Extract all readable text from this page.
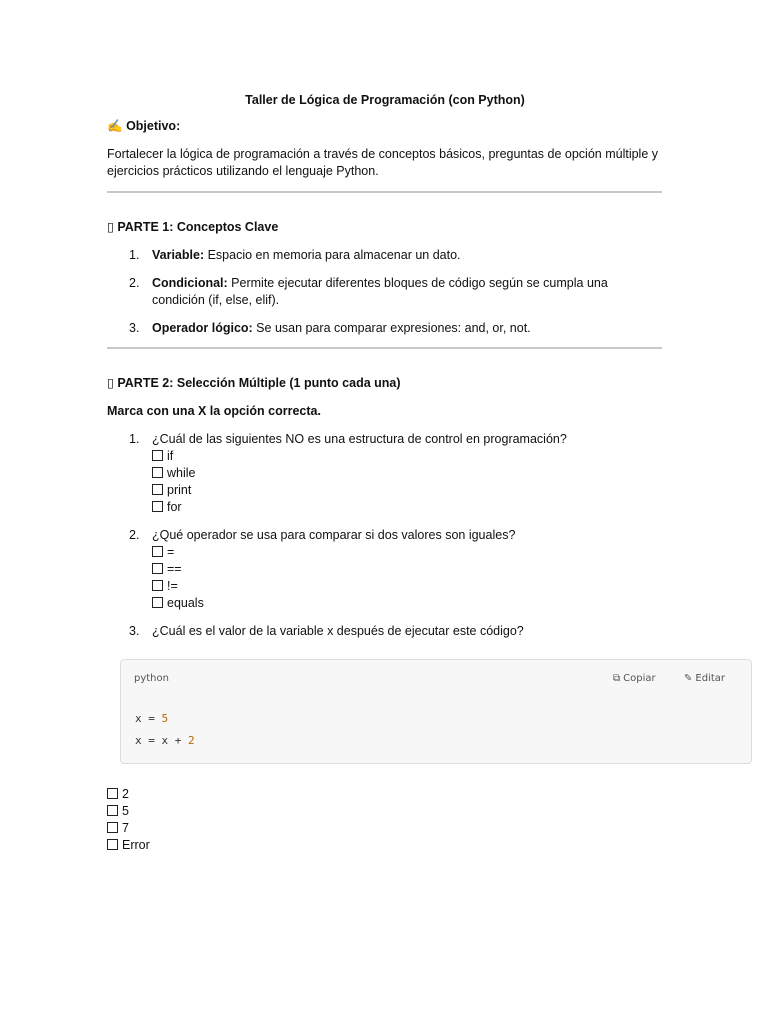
Taller de Lógica de Programación (con Python)
✍ Objetivo:
Fortalecer la lógica de programación a través de conceptos básicos, preguntas de opción múltiple y ejercicios prácticos utilizando el lenguaje Python.
▯ PARTE 1: Conceptos Clave
1. Variable: Espacio en memoria para almacenar un dato.
2. Condicional: Permite ejecutar diferentes bloques de código según se cumpla una condición (if, else, elif).
3. Operador lógico: Se usan para comparar expresiones: and, or, not.
▯ PARTE 2: Selección Múltiple (1 punto cada una)
Marca con una X la opción correcta.
1. ¿Cuál de las siguientes NO es una estructura de control en programación?
if
while
print
for
2. ¿Qué operador se usa para comparar si dos valores son iguales?
=
==
!=
equals
3. ¿Cuál es el valor de la variable x después de ejecutar este código?
python	⧉ Copiar	✎ Editar
x = 5
x = x + 2
2
5
7
Error
